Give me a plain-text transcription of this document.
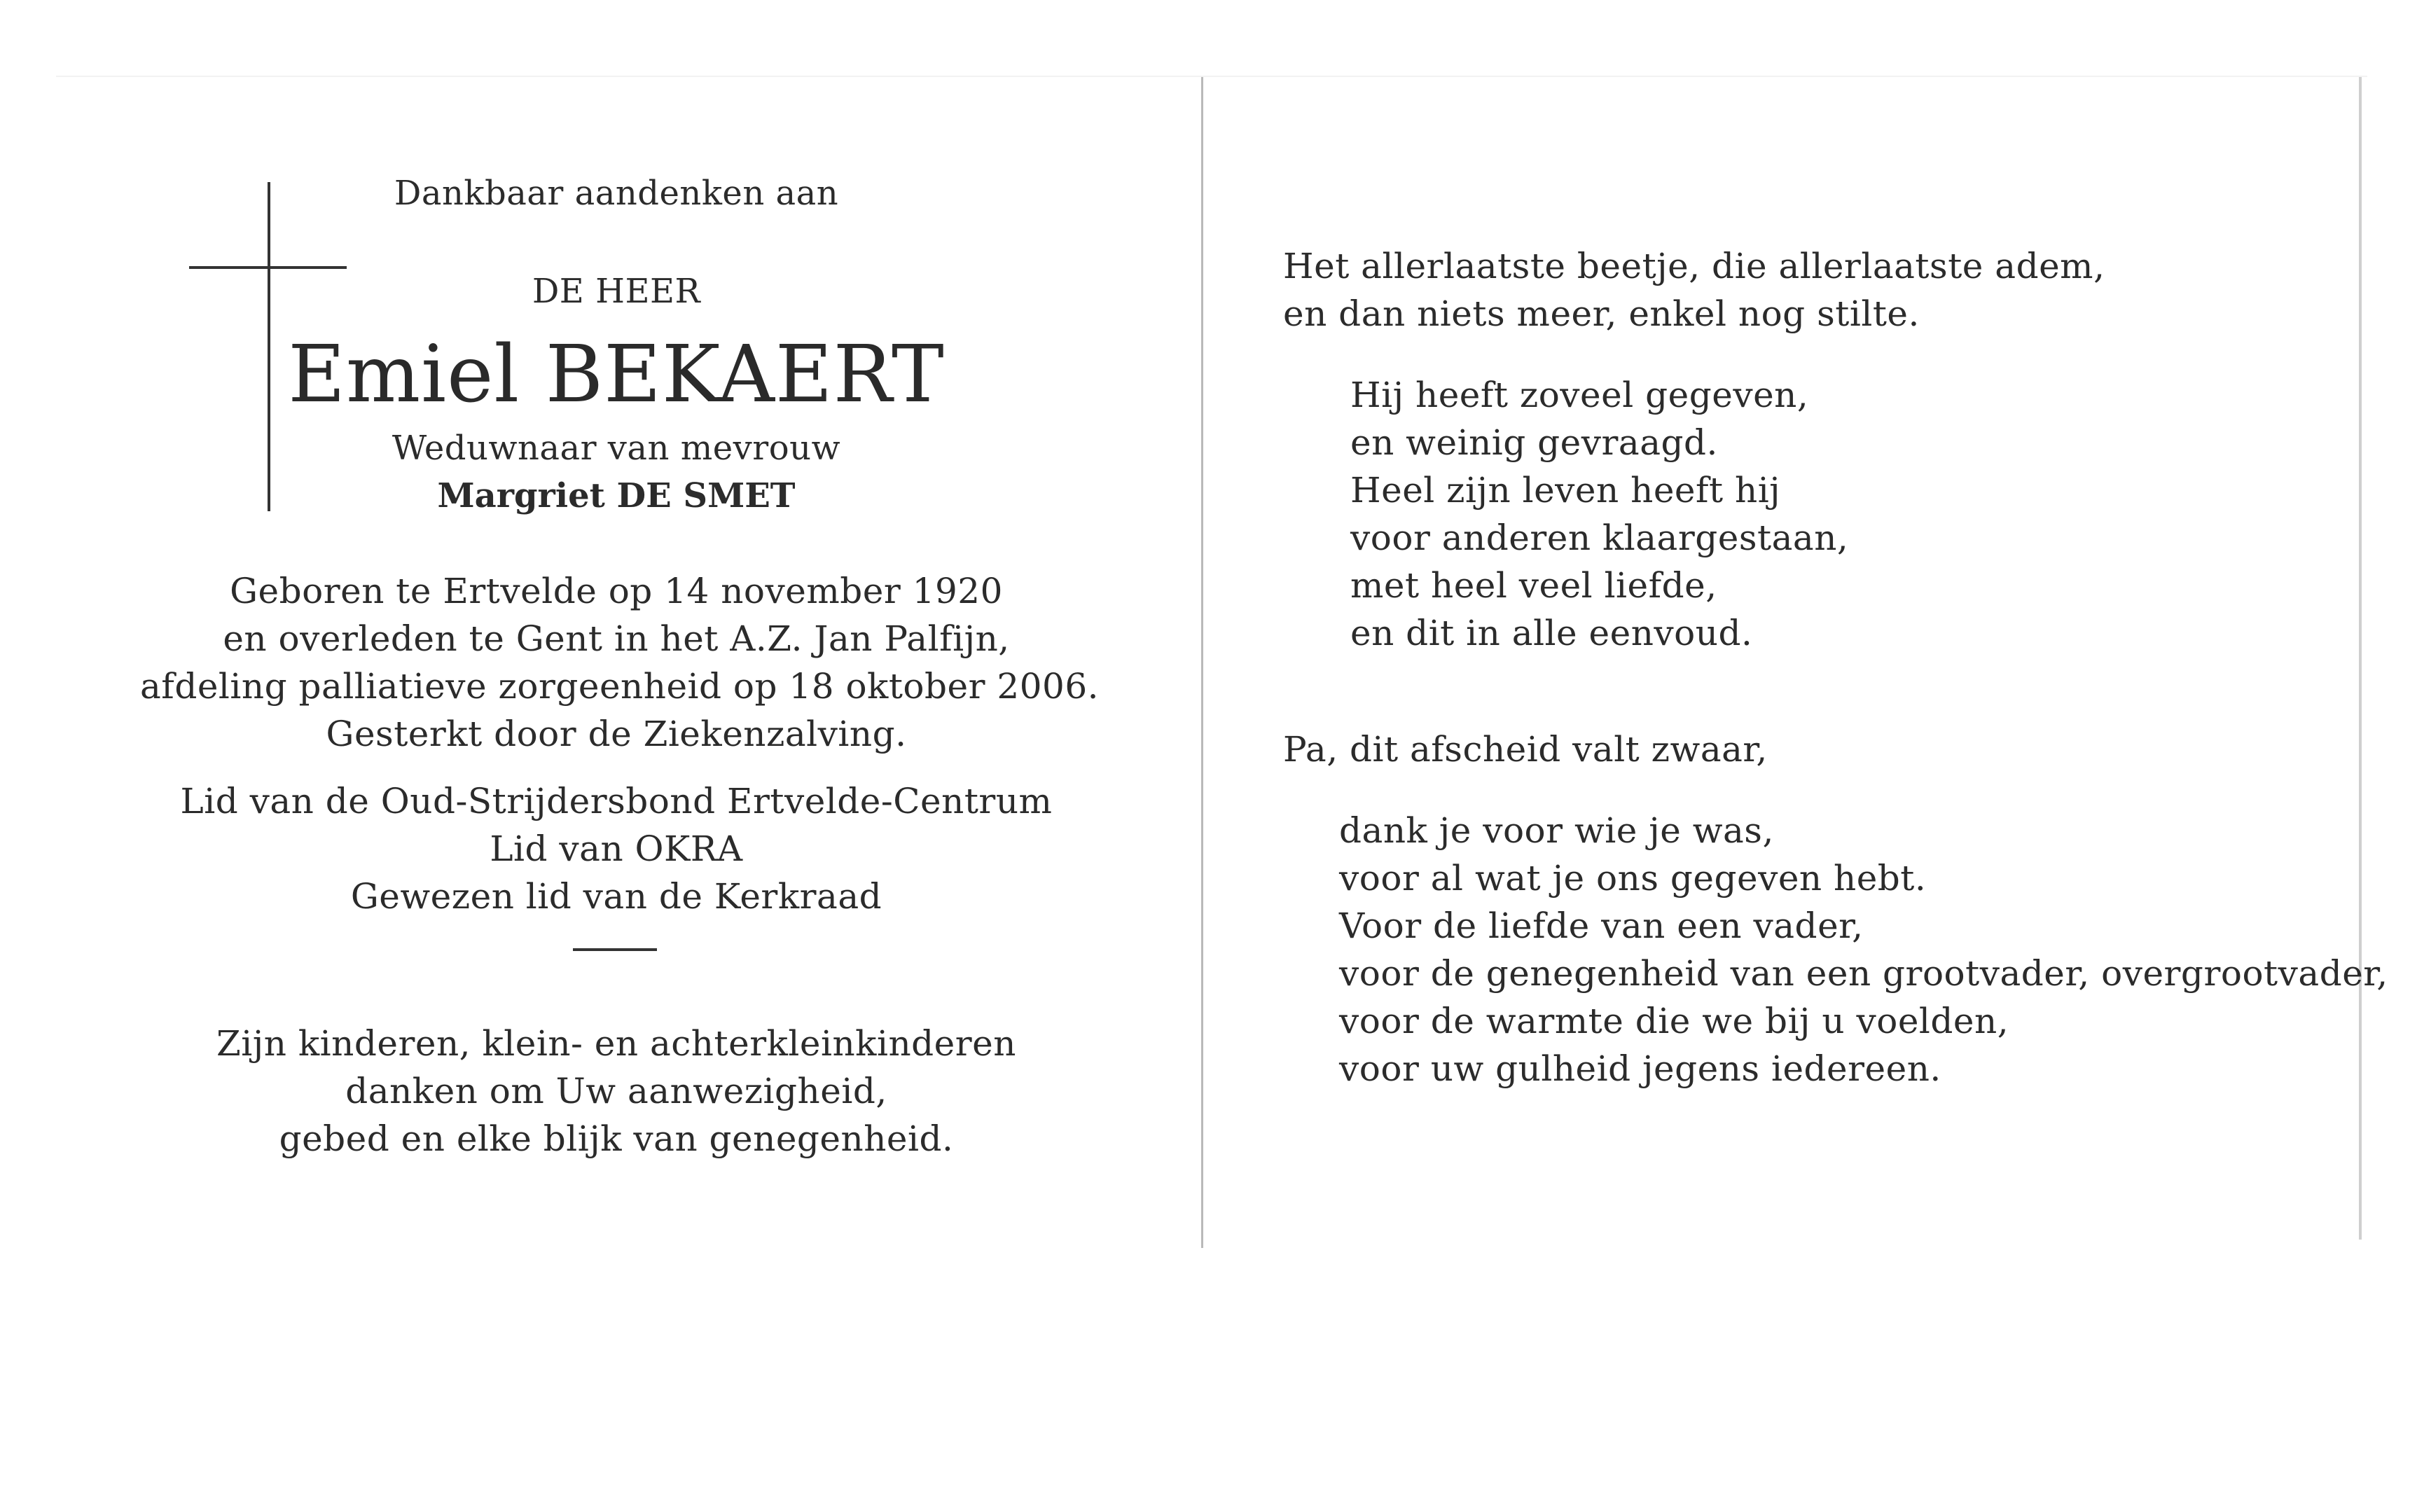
Dankbaar aandenken aan
DE HEER
Emiel BEKAERT
Weduwnaar van mevrouw
Margriet DE SMET
Geboren te Ertvelde op 14 november 1920
en overleden te Gent in het A.Z. Jan Palfijn,
afdeling palliatieve zorgeenheid op 18 oktober 2006.
Gesterkt door de Ziekenzalving.
Lid van de Oud-Strijdersbond Ertvelde-Centrum
Lid van OKRA
Gewezen lid van de Kerkraad
Zijn kinderen, klein- en achterkleinkinderen
danken om Uw aanwezigheid,
gebed en elke blijk van genegenheid.
Het allerlaatste beetje, die allerlaatste adem,
en dan niets meer, enkel nog stilte.
Hij heeft zoveel gegeven,
en weinig gevraagd.
Heel zijn leven heeft hij
voor anderen klaargestaan,
met heel veel liefde,
en dit in alle eenvoud.
Pa, dit afscheid valt zwaar,
dank je voor wie je was,
voor al wat je ons gegeven hebt.
Voor de liefde van een vader,
voor de genegenheid van een grootvader, overgrootvader,
voor de warmte die we bij u voelden,
voor uw gulheid jegens iedereen.
